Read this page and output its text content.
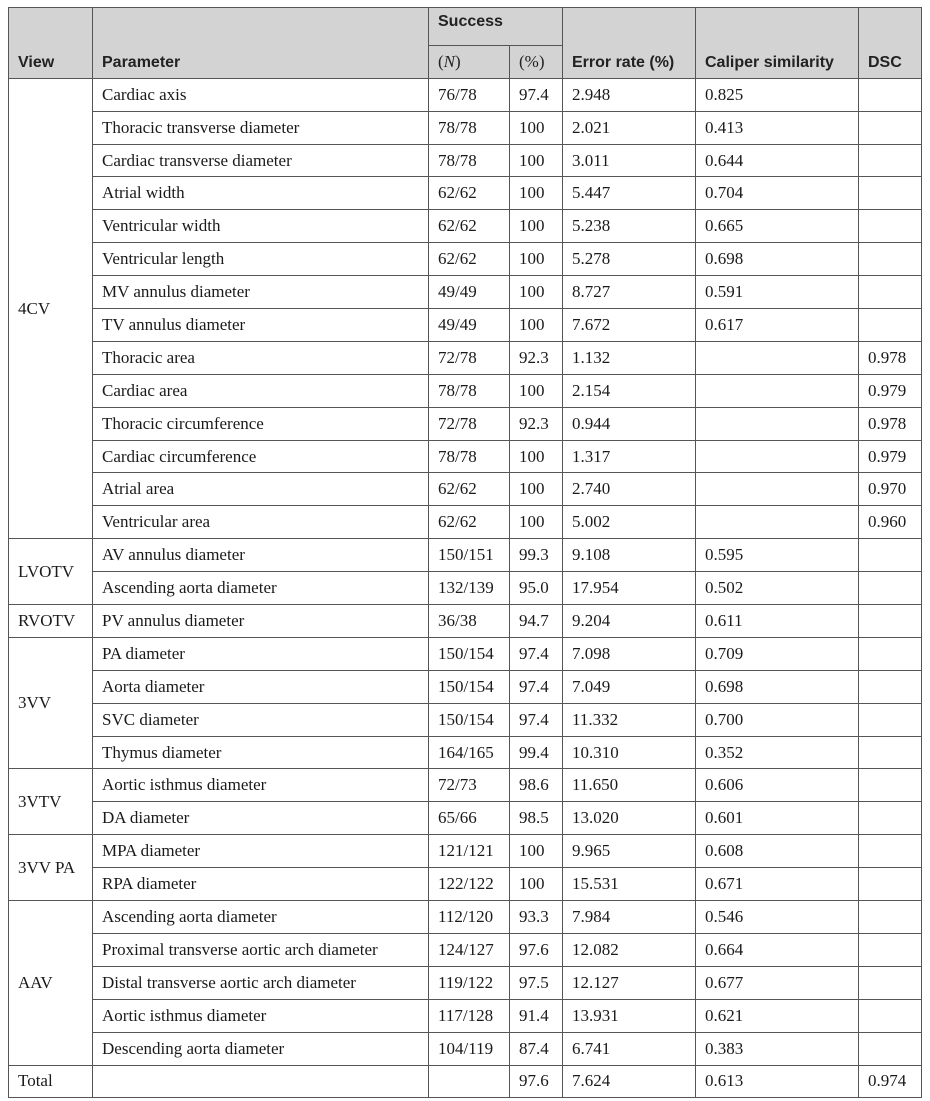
View	Parameter	Success		Error rate (%)	Caliper similarity	DSC
		(N)	(%)			
4CV	Cardiac axis	76/78	97.4	2.948	0.825	
	Thoracic transverse diameter	78/78	100	2.021	0.413	
	Cardiac transverse diameter	78/78	100	3.011	0.644	
	Atrial width	62/62	100	5.447	0.704	
	Ventricular width	62/62	100	5.238	0.665	
	Ventricular length	62/62	100	5.278	0.698	
	MV annulus diameter	49/49	100	8.727	0.591	
	TV annulus diameter	49/49	100	7.672	0.617	
	Thoracic area	72/78	92.3	1.132		0.978
	Cardiac area	78/78	100	2.154		0.979
	Thoracic circumference	72/78	92.3	0.944		0.978
	Cardiac circumference	78/78	100	1.317		0.979
	Atrial area	62/62	100	2.740		0.970
	Ventricular area	62/62	100	5.002		0.960
LVOTV	AV annulus diameter	150/151	99.3	9.108	0.595	
	Ascending aorta diameter	132/139	95.0	17.954	0.502	
RVOTV	PV annulus diameter	36/38	94.7	9.204	0.611	
3VV	PA diameter	150/154	97.4	7.098	0.709	
	Aorta diameter	150/154	97.4	7.049	0.698	
	SVC diameter	150/154	97.4	11.332	0.700	
	Thymus diameter	164/165	99.4	10.310	0.352	
3VTV	Aortic isthmus diameter	72/73	98.6	11.650	0.606	
	DA diameter	65/66	98.5	13.020	0.601	
3VV PA	MPA diameter	121/121	100	9.965	0.608	
	RPA diameter	122/122	100	15.531	0.671	
AAV	Ascending aorta diameter	112/120	93.3	7.984	0.546	
	Proximal transverse aortic arch diameter	124/127	97.6	12.082	0.664	
	Distal transverse aortic arch diameter	119/122	97.5	12.127	0.677	
	Aortic isthmus diameter	117/128	91.4	13.931	0.621	
	Descending aorta diameter	104/119	87.4	6.741	0.383	
Total			97.6	7.624	0.613	0.974
